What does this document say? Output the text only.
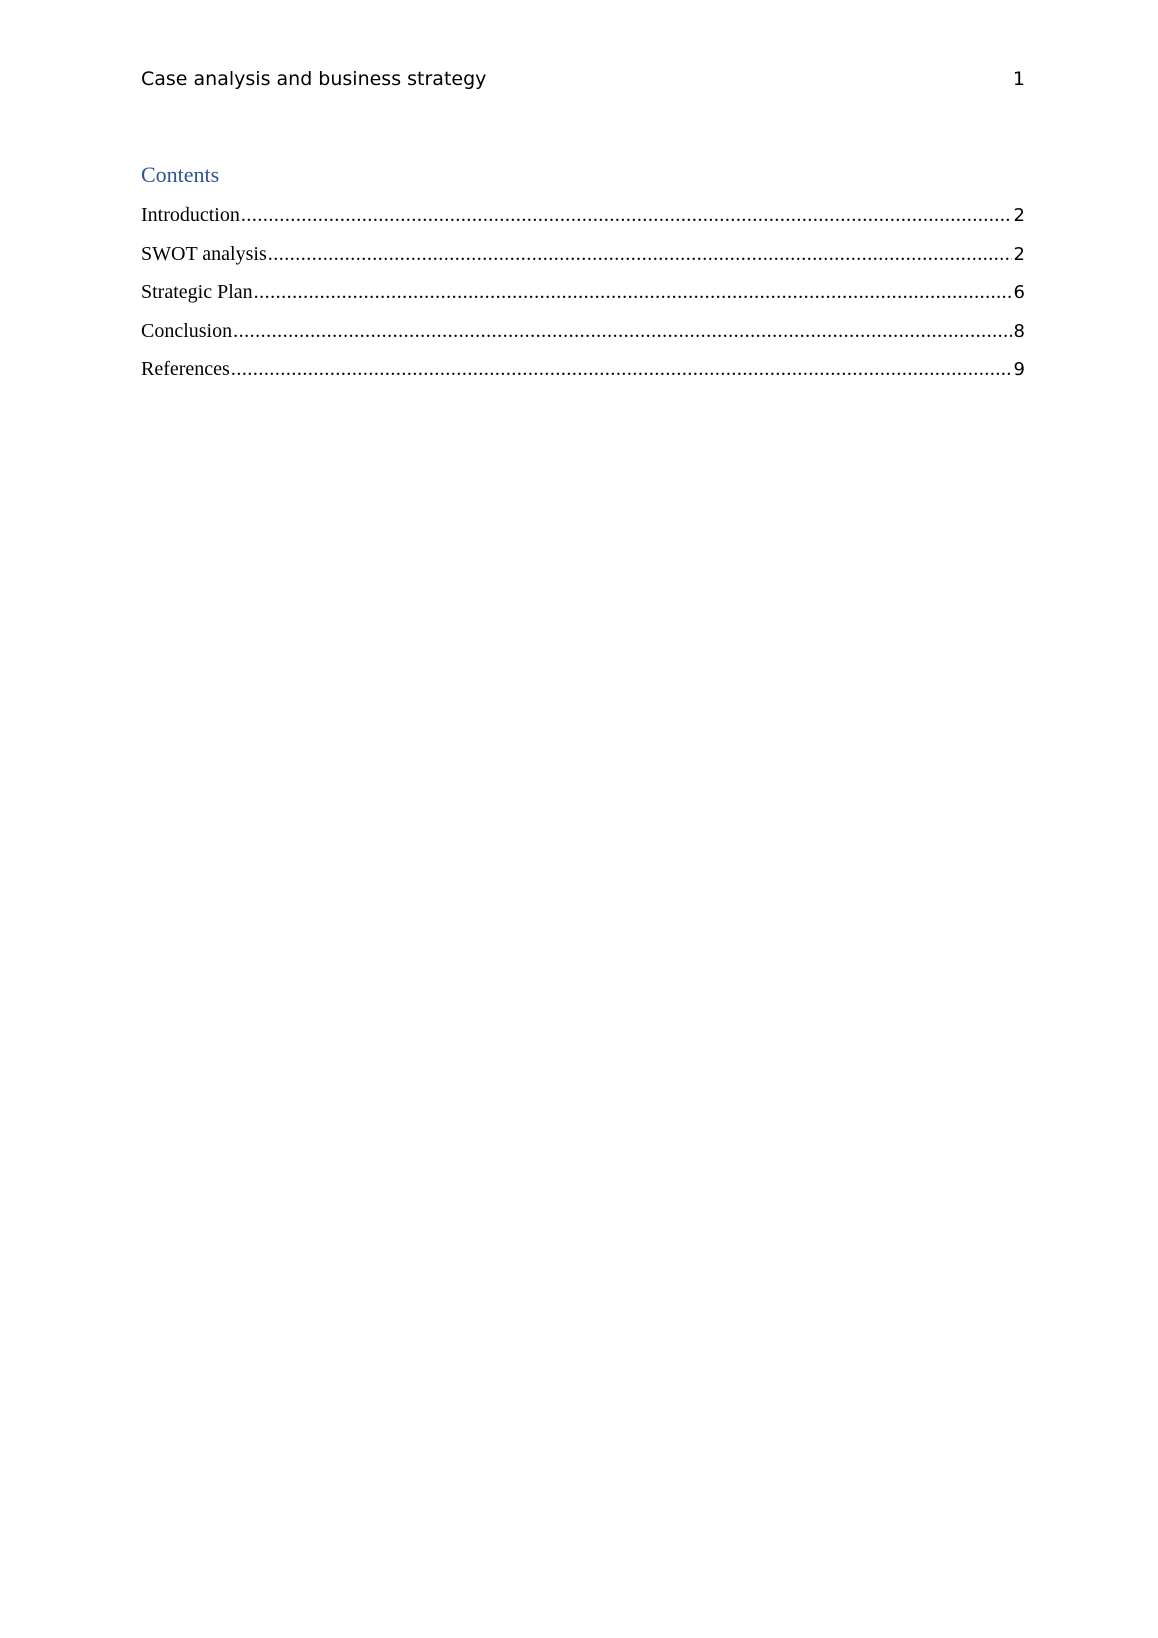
Case analysis and business strategy	1
Contents
Introduction .....	2
SWOT analysis .....	2
Strategic Plan .....	6
Conclusion .....	8
References .....	9
